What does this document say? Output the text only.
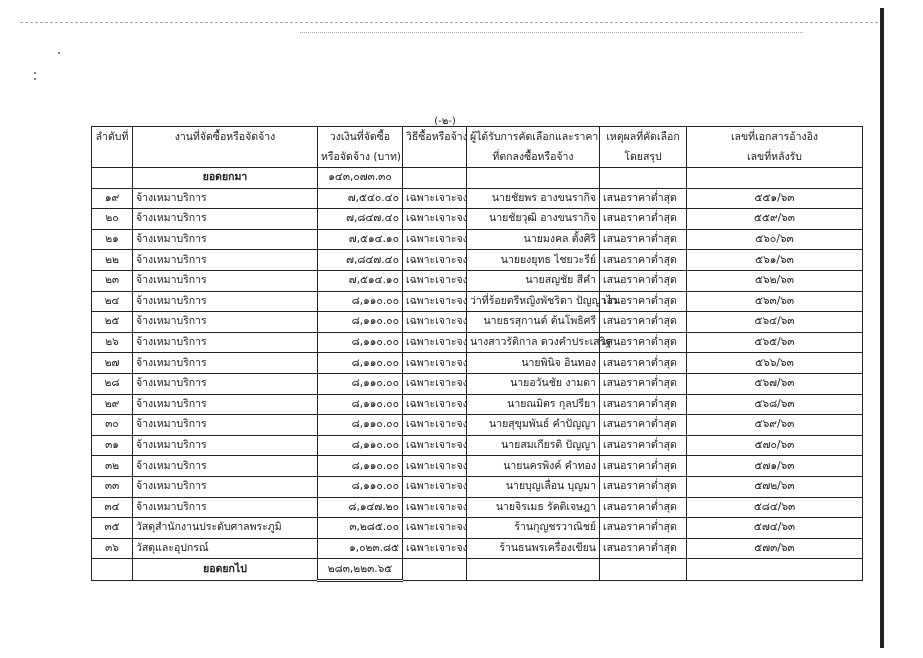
(-๒-)
ลำดับที่	งานที่จัดซื้อหรือจัดจ้าง	วงเงินที่จัดซื้อ	วิธีซื้อหรือจ้าง	ผู้ได้รับการคัดเลือกและราคา	เหตุผลที่คัดเลือก	เลขที่เอกสารอ้างอิง
		หรือจัดจ้าง (บาท)		ที่ตกลงซื้อหรือจ้าง	โดยสรุป	เลขที่หลังรับ
	ยอดยกมา	๑๔๓,๐๗๓.๓๐				
๑๙	จ้างเหมาบริการ	๗,๕๔๐.๔๐	เฉพาะเจาะจง	นายชัยพร อางขนรากิจ	เสนอราคาต่ำสุด	๕๕๑/๖๓
๒๐	จ้างเหมาบริการ	๗,๘๔๗.๔๐	เฉพาะเจาะจง	นายชัยวุฒิ อางขนรากิจ	เสนอราคาต่ำสุด	๕๕๙/๖๓
๒๑	จ้างเหมาบริการ	๗,๕๑๔.๑๐	เฉพาะเจาะจง	นายมงคล ตั้งศิริ	เสนอราคาต่ำสุด	๕๖๐/๖๓
๒๒	จ้างเหมาบริการ	๗,๘๔๗.๔๐	เฉพาะเจาะจง	นายยงยุทธ ไชยวะรีย์	เสนอราคาต่ำสุด	๕๖๑/๖๓
๒๓	จ้างเหมาบริการ	๗,๕๑๔.๑๐	เฉพาะเจาะจง	นายสญชัย สีคำ	เสนอราคาต่ำสุด	๕๖๒/๖๓
๒๔	จ้างเหมาบริการ	๘,๑๑๐.๐๐	เฉพาะเจาะจง	ว่าที่ร้อยตรีหญิงพัชริดา ปัญญาไว	เสนอราคาต่ำสุด	๕๖๓/๖๓
๒๕	จ้างเหมาบริการ	๘,๑๑๐.๐๐	เฉพาะเจาะจง	นายธรสุกานต์ ต้นโพธิศรี	เสนอราคาต่ำสุด	๕๖๔/๖๓
๒๖	จ้างเหมาบริการ	๘,๑๑๐.๐๐	เฉพาะเจาะจง	นางสาวรัติกาล ดวงคำประเสริฐ	เสนอราคาต่ำสุด	๕๖๕/๖๓
๒๗	จ้างเหมาบริการ	๘,๑๑๐.๐๐	เฉพาะเจาะจง	นายพินิจ อินทอง	เสนอราคาต่ำสุด	๕๖๖/๖๓
๒๘	จ้างเหมาบริการ	๘,๑๑๐.๐๐	เฉพาะเจาะจง	นายอวันชัย งามดา	เสนอราคาต่ำสุด	๕๖๗/๖๓
๒๙	จ้างเหมาบริการ	๘,๑๑๐.๐๐	เฉพาะเจาะจง	นายณมิตร กุลปรียา	เสนอราคาต่ำสุด	๕๖๘/๖๓
๓๐	จ้างเหมาบริการ	๘,๑๑๐.๐๐	เฉพาะเจาะจง	นายสุขุมพันธ์ คำปัญญา	เสนอราคาต่ำสุด	๕๖๙/๖๓
๓๑	จ้างเหมาบริการ	๘,๑๑๐.๐๐	เฉพาะเจาะจง	นายสมเกียรติ ปัญญา	เสนอราคาต่ำสุด	๕๗๐/๖๓
๓๒	จ้างเหมาบริการ	๘,๑๑๐.๐๐	เฉพาะเจาะจง	นายนครพิงค์ คำทอง	เสนอราคาต่ำสุด	๕๗๑/๖๓
๓๓	จ้างเหมาบริการ	๘,๑๑๐.๐๐	เฉพาะเจาะจง	นายบุญเลื่อน บุญมา	เสนอราคาต่ำสุด	๕๗๒/๖๓
๓๔	จ้างเหมาบริการ	๘,๑๔๗.๒๐	เฉพาะเจาะจง	นายจิรเมธ รัตติเจษฎา	เสนอราคาต่ำสุด	๕๘๔/๖๓
๓๕	วัสดุสำนักงานประดับศาลพระภูมิ	๓,๒๘๕.๐๐	เฉพาะเจาะจง	ร้านกุญชรวาณิชย์	เสนอราคาต่ำสุด	๕๗๔/๖๓
๓๖	วัสดุและอุปกรณ์	๑,๐๒๓.๘๕	เฉพาะเจาะจง	ร้านธนพรเครื่องเขียน	เสนอราคาต่ำสุด	๕๗๓/๖๓
	ยอดยกไป	๒๘๓,๒๒๓.๖๕				
